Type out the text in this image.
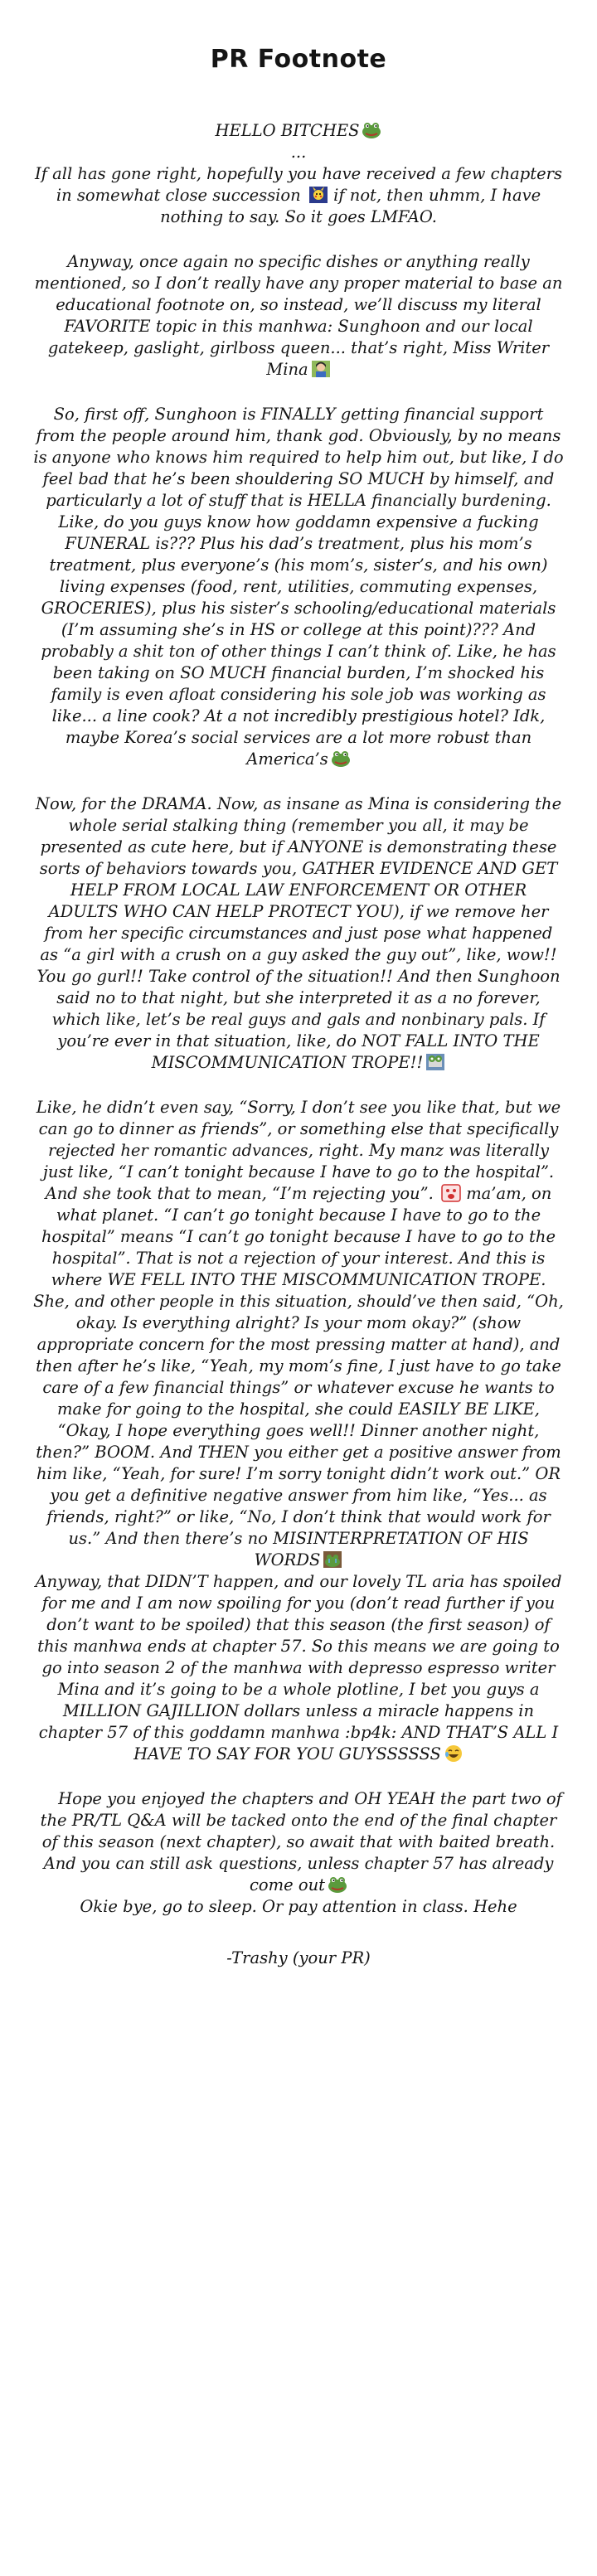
PR Footnote

HELLO BITCHES

...

If all has gone right, hopefully you have received a few chapters in somewhat close succession if not, then uhmm, I have nothing to say. So it goes LMFAO.

Anyway, once again no specific dishes or anything really mentioned, so I don’t really have any proper material to base an educational footnote on, so instead, we’ll discuss my literal FAVORITE topic in this manhwa: Sunghoon and our local gatekeep, gaslight, girlboss queen... that’s right, Miss Writer Mina

So, first off, Sunghoon is FINALLY getting financial support from the people around him, thank god. Obviously, by no means is anyone who knows him required to help him out, but like, I do feel bad that he’s been shouldering SO MUCH by himself, and particularly a lot of stuff that is HELLA financially burdening. Like, do you guys know how goddamn expensive a fucking FUNERAL is??? Plus his dad’s treatment, plus his mom’s treatment, plus everyone’s (his mom’s, sister’s, and his own) living expenses (food, rent, utilities, commuting expenses, GROCERIES), plus his sister’s schooling/educational materials (I’m assuming she’s in HS or college at this point)??? And probably a shit ton of other things I can’t think of. Like, he has been taking on SO MUCH financial burden, I’m shocked his family is even afloat considering his sole job was working as like... a line cook? At a not incredibly prestigious hotel? Idk, maybe Korea’s social services are a lot more robust than America’s

Now, for the DRAMA. Now, as insane as Mina is considering the whole serial stalking thing (remember you all, it may be presented as cute here, but if ANYONE is demonstrating these sorts of behaviors towards you, GATHER EVIDENCE AND GET HELP FROM LOCAL LAW ENFORCEMENT OR OTHER ADULTS WHO CAN HELP PROTECT YOU), if we remove her from her specific circumstances and just pose what happened as “a girl with a crush on a guy asked the guy out”, like, wow!! You go gurl!! Take control of the situation!! And then Sunghoon said no to that night, but she interpreted it as a no forever, which like, let’s be real guys and gals and nonbinary pals. If you’re ever in that situation, like, do NOT FALL INTO THE MISCOMMUNICATION TROPE!!

Like, he didn’t even say, “Sorry, I don’t see you like that, but we can go to dinner as friends”, or something else that specifically rejected her romantic advances, right. My manz was literally just like, “I can’t tonight because I have to go to the hospital”. And she took that to mean, “I’m rejecting you”. ma’am, on what planet. “I can’t go tonight because I have to go to the hospital” means “I can’t go tonight because I have to go to the hospital”. That is not a rejection of your interest. And this is where WE FELL INTO THE MISCOMMUNICATION TROPE. She, and other people in this situation, should’ve then said, “Oh, okay. Is everything alright? Is your mom okay?” (show appropriate concern for the most pressing matter at hand), and then after he’s like, “Yeah, my mom’s fine, I just have to go take care of a few financial things” or whatever excuse he wants to make for going to the hospital, she could EASILY BE LIKE, “Okay, I hope everything goes well!! Dinner another night, then?” BOOM. And THEN you either get a positive answer from him like, “Yeah, for sure! I’m sorry tonight didn’t work out.” OR you get a definitive negative answer from him like, “Yes... as friends, right?” or like, “No, I don’t think that would work for us.” And then there’s no MISINTERPRETATION OF HIS WORDS

Anyway, that DIDN’T happen, and our lovely TL aria has spoiled for me and I am now spoiling for you (don’t read further if you don’t want to be spoiled) that this season (the first season) of this manhwa ends at chapter 57. So this means we are going to go into season 2 of the manhwa with depresso espresso writer Mina and it’s going to be a whole plotline, I bet you guys a MILLION GAJILLION dollars unless a miracle happens in chapter 57 of this goddamn manhwa :bp4k: AND THAT’S ALL I HAVE TO SAY FOR YOU GUYSSSSSS

Hope you enjoyed the chapters and OH YEAH the part two of the PR/TL Q&A will be tacked onto the end of the final chapter of this season (next chapter), so await that with baited breath. And you can still ask questions, unless chapter 57 has already come out

Okie bye, go to sleep. Or pay attention in class. Hehe

-Trashy (your PR)
